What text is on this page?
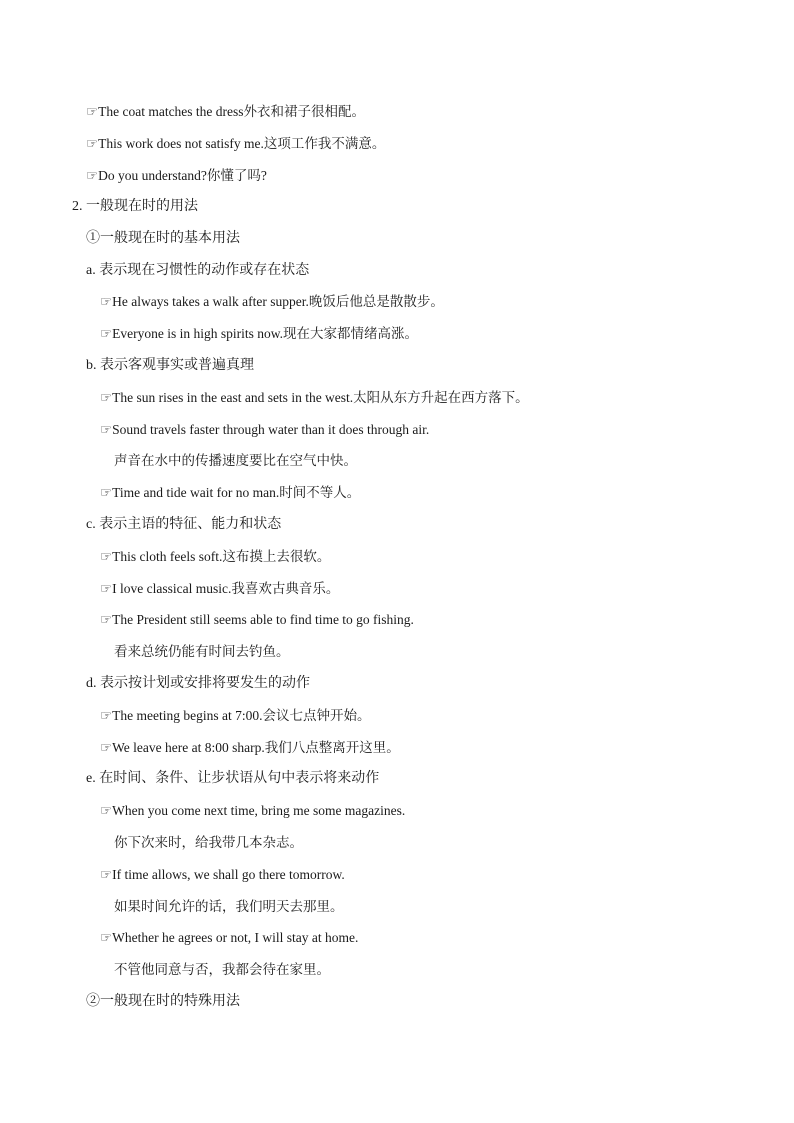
☞The coat matches the dress外衣和裙子很相配。
☞This work does not satisfy me.这项工作我不满意。
☞Do you understand?你懂了吗?
2. 一般现在时的用法
①一般现在时的基本用法
a. 表示现在习惯性的动作或存在状态
☞He always takes a walk after supper.晚饭后他总是散散步。
☞Everyone is in high spirits now.现在大家都情绪高涨。
b. 表示客观事实或普遍真理
☞The sun rises in the east and sets in the west.太阳从东方升起在西方落下。
☞Sound travels faster through water than it does through air.
声音在水中的传播速度要比在空气中快。
☞Time and tide wait for no man.时间不等人。
c. 表示主语的特征、能力和状态
☞This cloth feels soft.这布摸上去很软。
☞I love classical music.我喜欢古典音乐。
☞The President still seems able to find time to go fishing.
看来总统仍能有时间去钓鱼。
d. 表示按计划或安排将要发生的动作
☞The meeting begins at 7:00.会议七点钟开始。
☞We leave here at 8:00 sharp.我们八点整离开这里。
e. 在时间、条件、让步状语从句中表示将来动作
☞When you come next time, bring me some magazines.
你下次来时，给我带几本杂志。
☞If time allows, we shall go there tomorrow.
如果时间允许的话，我们明天去那里。
☞Whether he agrees or not, I will stay at home.
不管他同意与否，我都会待在家里。
②一般现在时的特殊用法
